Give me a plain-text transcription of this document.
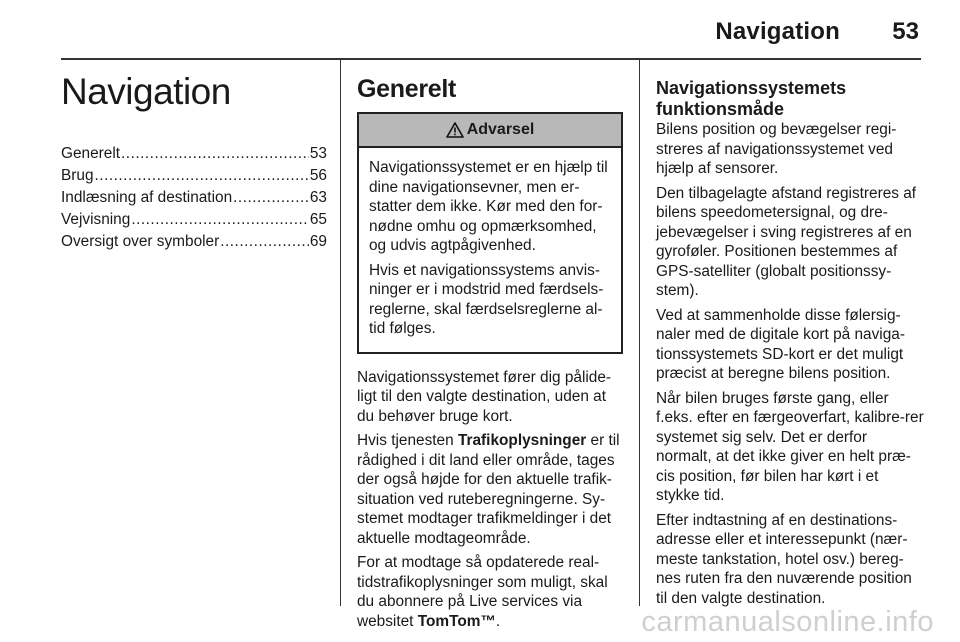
Navigation 53
Navigation
Generelt .....	53
Brug .....	56
Indlæsning af destination .....	63
Vejvisning .....	65
Oversigt over symboler .....	69
Generelt
Advarsel

Navigationssystemet er en hjælp til dine navigationsevner, men er-statter dem ikke. Kør med den for-nødne omhu og opmærksomhed, og udvis agtpågivenhed.

Hvis et navigationssystems anvis-ninger er i modstrid med færdsels-reglerne, skal færdselsreglerne al-tid følges.

Navigationssystemet fører dig pålide-ligt til den valgte destination, uden at du behøver bruge kort.

Hvis tjenesten Trafikoplysninger er til rådighed i dit land eller område, tages der også højde for den aktuelle trafik-situation ved ruteberegningerne. Sy-stemet modtager trafikmeldinger i det aktuelle modtageområde.

For at modtage så opdaterede real-tidstrafikoplysninger som muligt, skal du abonnere på Live services via websitet TomTom™.

Navigationssystemets funktionsmåde

Bilens position og bevægelser regi-streres af navigationssystemet ved hjælp af sensorer.

Den tilbagelagte afstand registreres af bilens speedometersignal, og dre-jebevægelser i sving registreres af en gyroføler. Positionen bestemmes af GPS-satelliter (globalt positionssy-stem).

Ved at sammenholde disse følersig-naler med de digitale kort på naviga-tionssystemets SD-kort er det muligt præcist at beregne bilens position.

Når bilen bruges første gang, eller f.eks. efter en færgeoverfart, kalibre-rer systemet sig selv. Det er derfor normalt, at det ikke giver en helt præ-cis position, før bilen har kørt i et stykke tid.

Efter indtastning af en destinations-adresse eller et interessepunkt (nær-meste tankstation, hotel osv.) bereg-nes ruten fra den nuværende position til den valgte destination.

carmanualsonline.info
